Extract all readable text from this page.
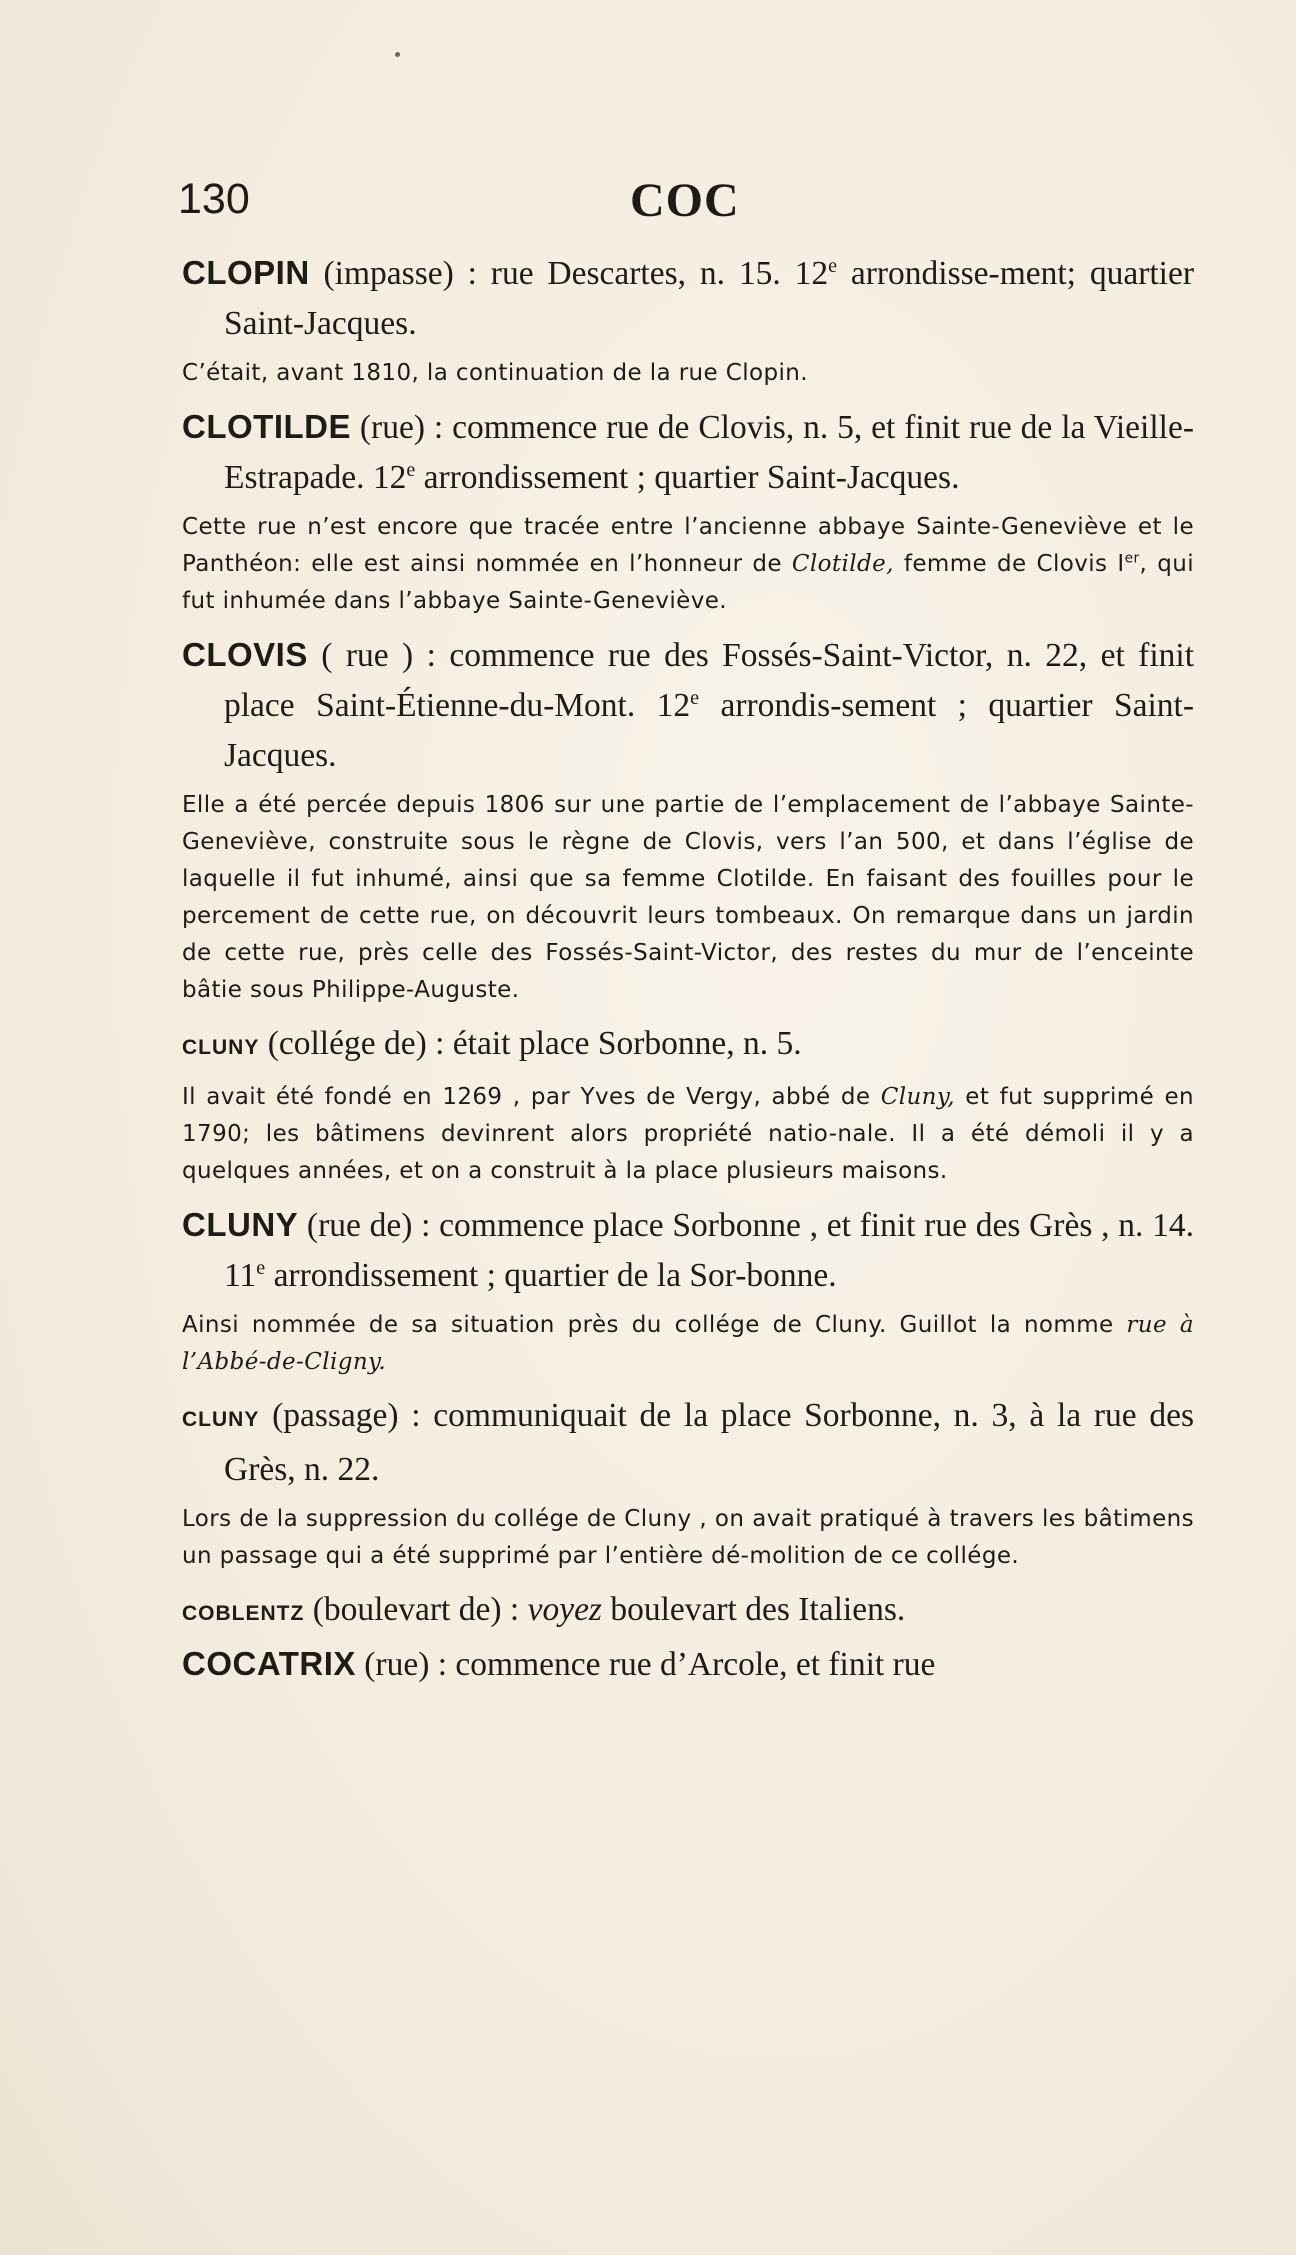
130	COC

CLOPIN (impasse) : rue Descartes, n. 15. 12e arrondisse-ment; quartier Saint-Jacques.

C’était, avant 1810, la continuation de la rue Clopin.

CLOTILDE (rue) : commence rue de Clovis, n. 5, et finit rue de la Vieille-Estrapade. 12e arrondissement ; quartier Saint-Jacques.

Cette rue n’est encore que tracée entre l’ancienne abbaye Sainte-Geneviève et le Panthéon: elle est ainsi nommée en l’honneur de Clotilde, femme de Clovis Ier, qui fut inhumée dans l’abbaye Sainte-Geneviève.

CLOVIS ( rue ) : commence rue des Fossés-Saint-Victor, n. 22, et finit place Saint-Étienne-du-Mont. 12e arrondis-sement ; quartier Saint-Jacques.

Elle a été percée depuis 1806 sur une partie de l’emplacement de l’abbaye Sainte-Geneviève, construite sous le règne de Clovis, vers l’an 500, et dans l’église de laquelle il fut inhumé, ainsi que sa femme Clotilde. En faisant des fouilles pour le percement de cette rue, on découvrit leurs tombeaux. On remarque dans un jardin de cette rue, près celle des Fossés-Saint-Victor, des restes du mur de l’enceinte bâtie sous Philippe-Auguste.

CLUNY (collége de) : était place Sorbonne, n. 5.

Il avait été fondé en 1269 , par Yves de Vergy, abbé de Cluny, et fut supprimé en 1790; les bâtimens devinrent alors propriété natio-nale. Il a été démoli il y a quelques années, et on a construit à la place plusieurs maisons.

CLUNY (rue de) : commence place Sorbonne , et finit rue des Grès , n. 14. 11e arrondissement ; quartier de la Sor-bonne.

Ainsi nommée de sa situation près du collége de Cluny. Guillot la nomme rue à l’Abbé-de-Cligny.

CLUNY (passage) : communiquait de la place Sorbonne, n. 3, à la rue des Grès, n. 22.

Lors de la suppression du collége de Cluny , on avait pratiqué à travers les bâtimens un passage qui a été supprimé par l’entière dé-molition de ce collége.

COBLENTZ (boulevart de) : voyez boulevart des Italiens.

COCATRIX (rue) : commence rue d’Arcole, et finit rue
